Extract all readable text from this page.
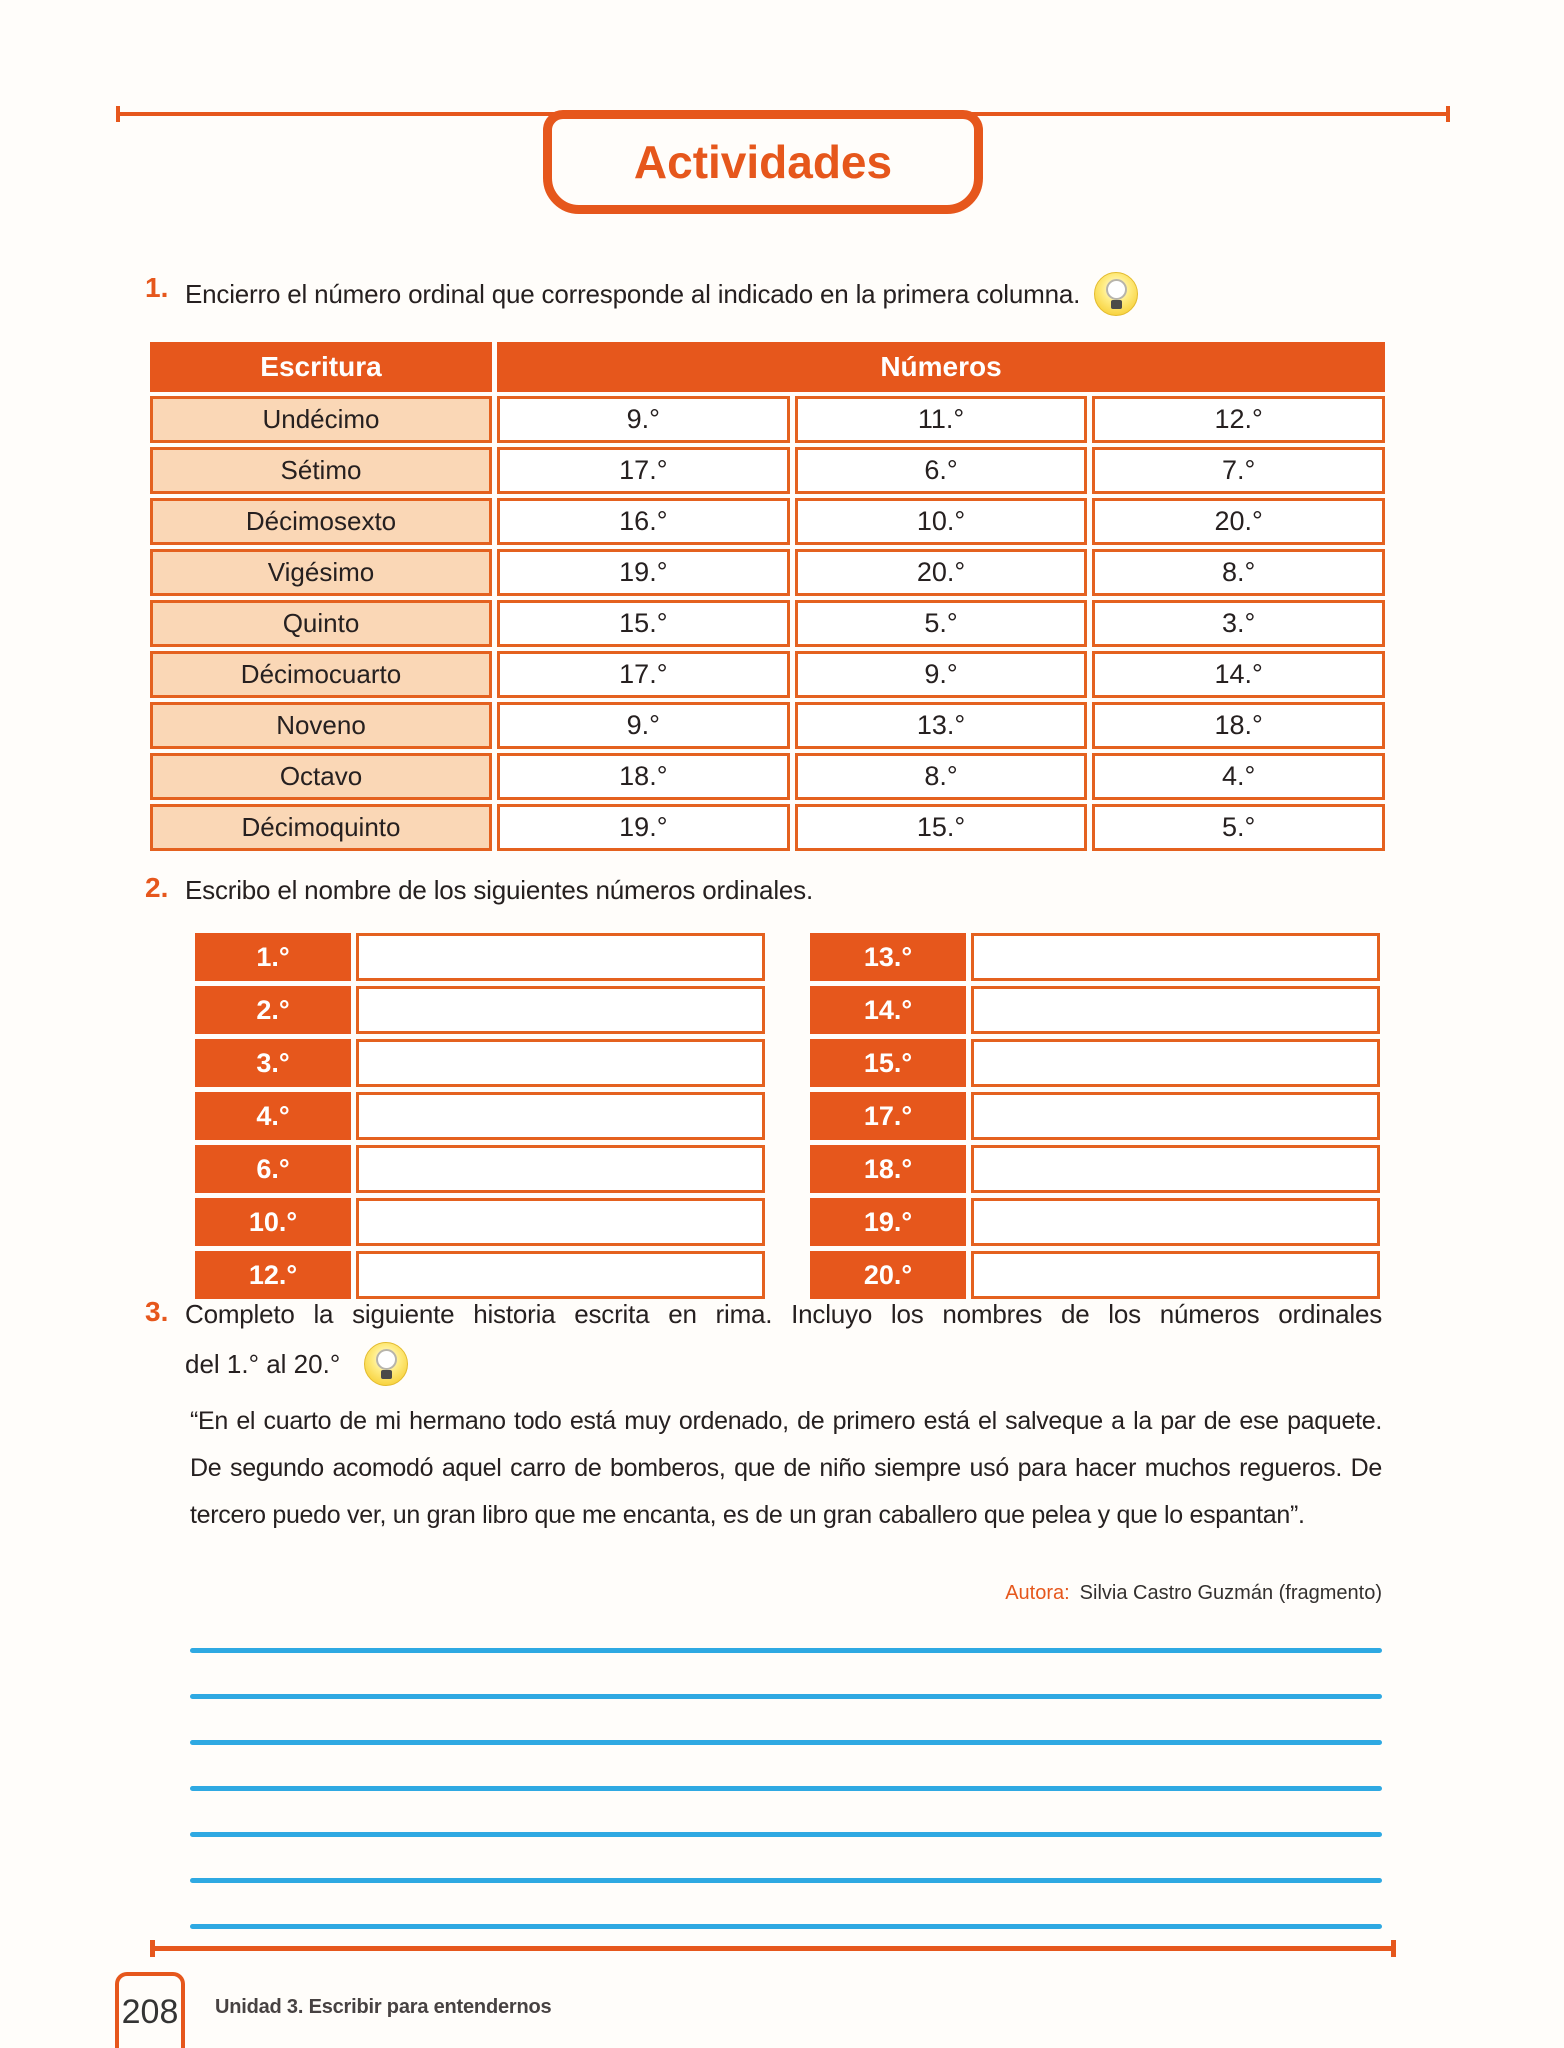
Actividades
1. Encierro el número ordinal que corresponde al indicado en la primera columna.
Escritura	Números		
Undécimo	9.°	11.°	12.°
Sétimo	17.°	6.°	7.°
Décimosexto	16.°	10.°	20.°
Vigésimo	19.°	20.°	8.°
Quinto	15.°	5.°	3.°
Décimocuarto	17.°	9.°	14.°
Noveno	9.°	13.°	18.°
Octavo	18.°	8.°	4.°
Décimoquinto	19.°	15.°	5.°
2. Escribo el nombre de los siguientes números ordinales.
1.°	
2.°	
3.°	
4.°	
6.°	
10.°	
12.°	
13.°	
14.°	
15.°	
17.°	
18.°	
19.°	
20.°	
3. Completo la siguiente historia escrita en rima. Incluyo los nombres de los números ordinales
del 1.° al 20.°
“En el cuarto de mi hermano todo está muy ordenado, de primero está el salveque a la par de ese paquete. De segundo acomodó aquel carro de bomberos, que de niño siempre usó para hacer muchos regueros. De tercero puedo ver, un gran libro que me encanta, es de un gran caballero que pelea y que lo espantan”.
Autora: Silvia Castro Guzmán (fragmento)
208 Unidad 3. Escribir para entendernos
